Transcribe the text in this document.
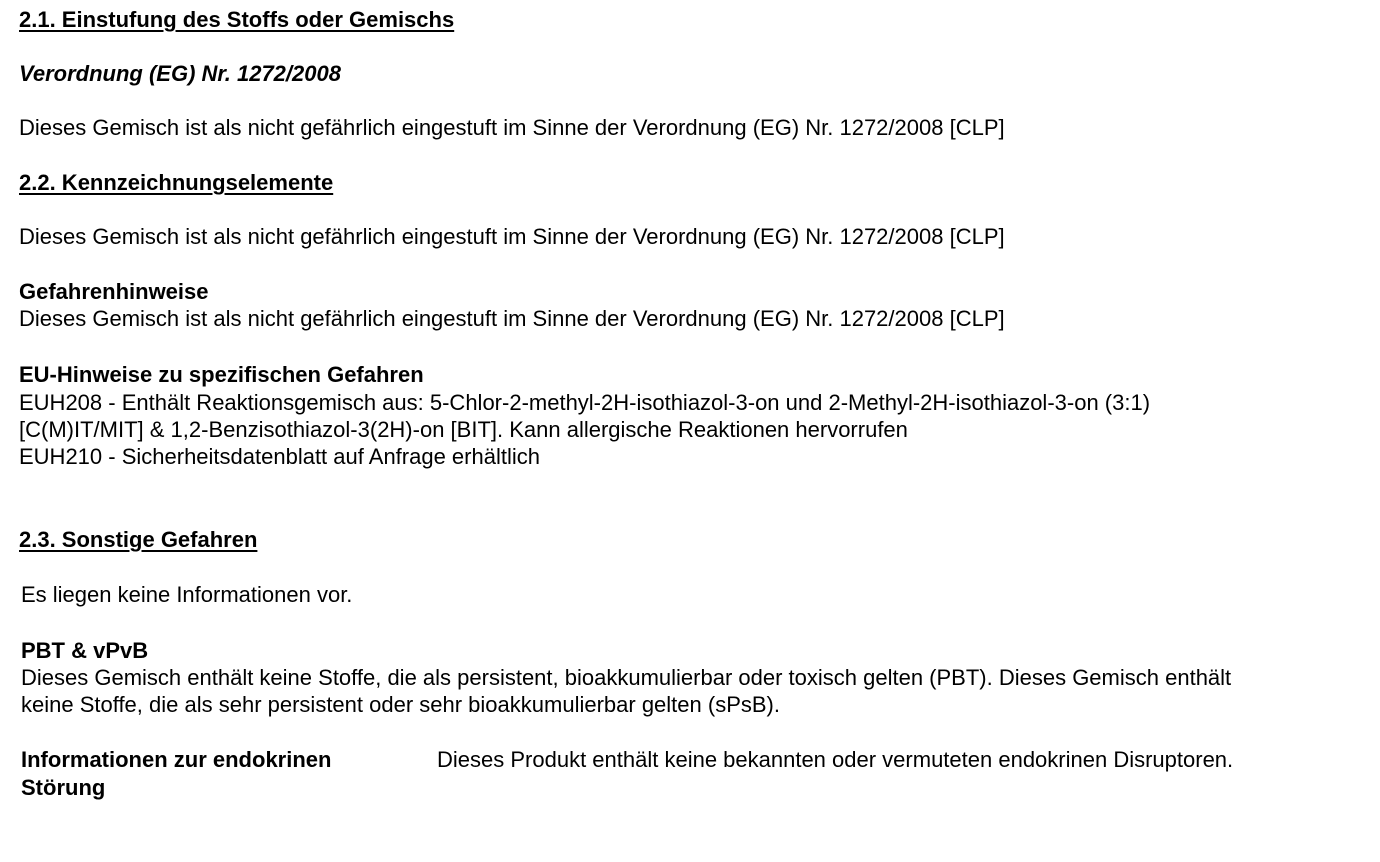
2.1. Einstufung des Stoffs oder Gemischs
Verordnung (EG) Nr. 1272/2008
Dieses Gemisch ist als nicht gefährlich eingestuft im Sinne der Verordnung (EG) Nr. 1272/2008 [CLP]
2.2. Kennzeichnungselemente
Dieses Gemisch ist als nicht gefährlich eingestuft im Sinne der Verordnung (EG) Nr. 1272/2008 [CLP]
Gefahrenhinweise
Dieses Gemisch ist als nicht gefährlich eingestuft im Sinne der Verordnung (EG) Nr. 1272/2008 [CLP]
EU-Hinweise zu spezifischen Gefahren
EUH208 - Enthält Reaktionsgemisch aus: 5-Chlor-2-methyl-2H-isothiazol-3-on und 2-Methyl-2H-isothiazol-3-on (3:1)
[C(M)IT/MIT] & 1,2-Benzisothiazol-3(2H)-on [BIT]. Kann allergische Reaktionen hervorrufen
EUH210 - Sicherheitsdatenblatt auf Anfrage erhältlich
2.3. Sonstige Gefahren
Es liegen keine Informationen vor.
PBT & vPvB
Dieses Gemisch enthält keine Stoffe, die als persistent, bioakkumulierbar oder toxisch gelten (PBT). Dieses Gemisch enthält
keine Stoffe, die als sehr persistent oder sehr bioakkumulierbar gelten (sPsB).
Informationen zur endokrinen
Störung
Dieses Produkt enthält keine bekannten oder vermuteten endokrinen Disruptoren.
